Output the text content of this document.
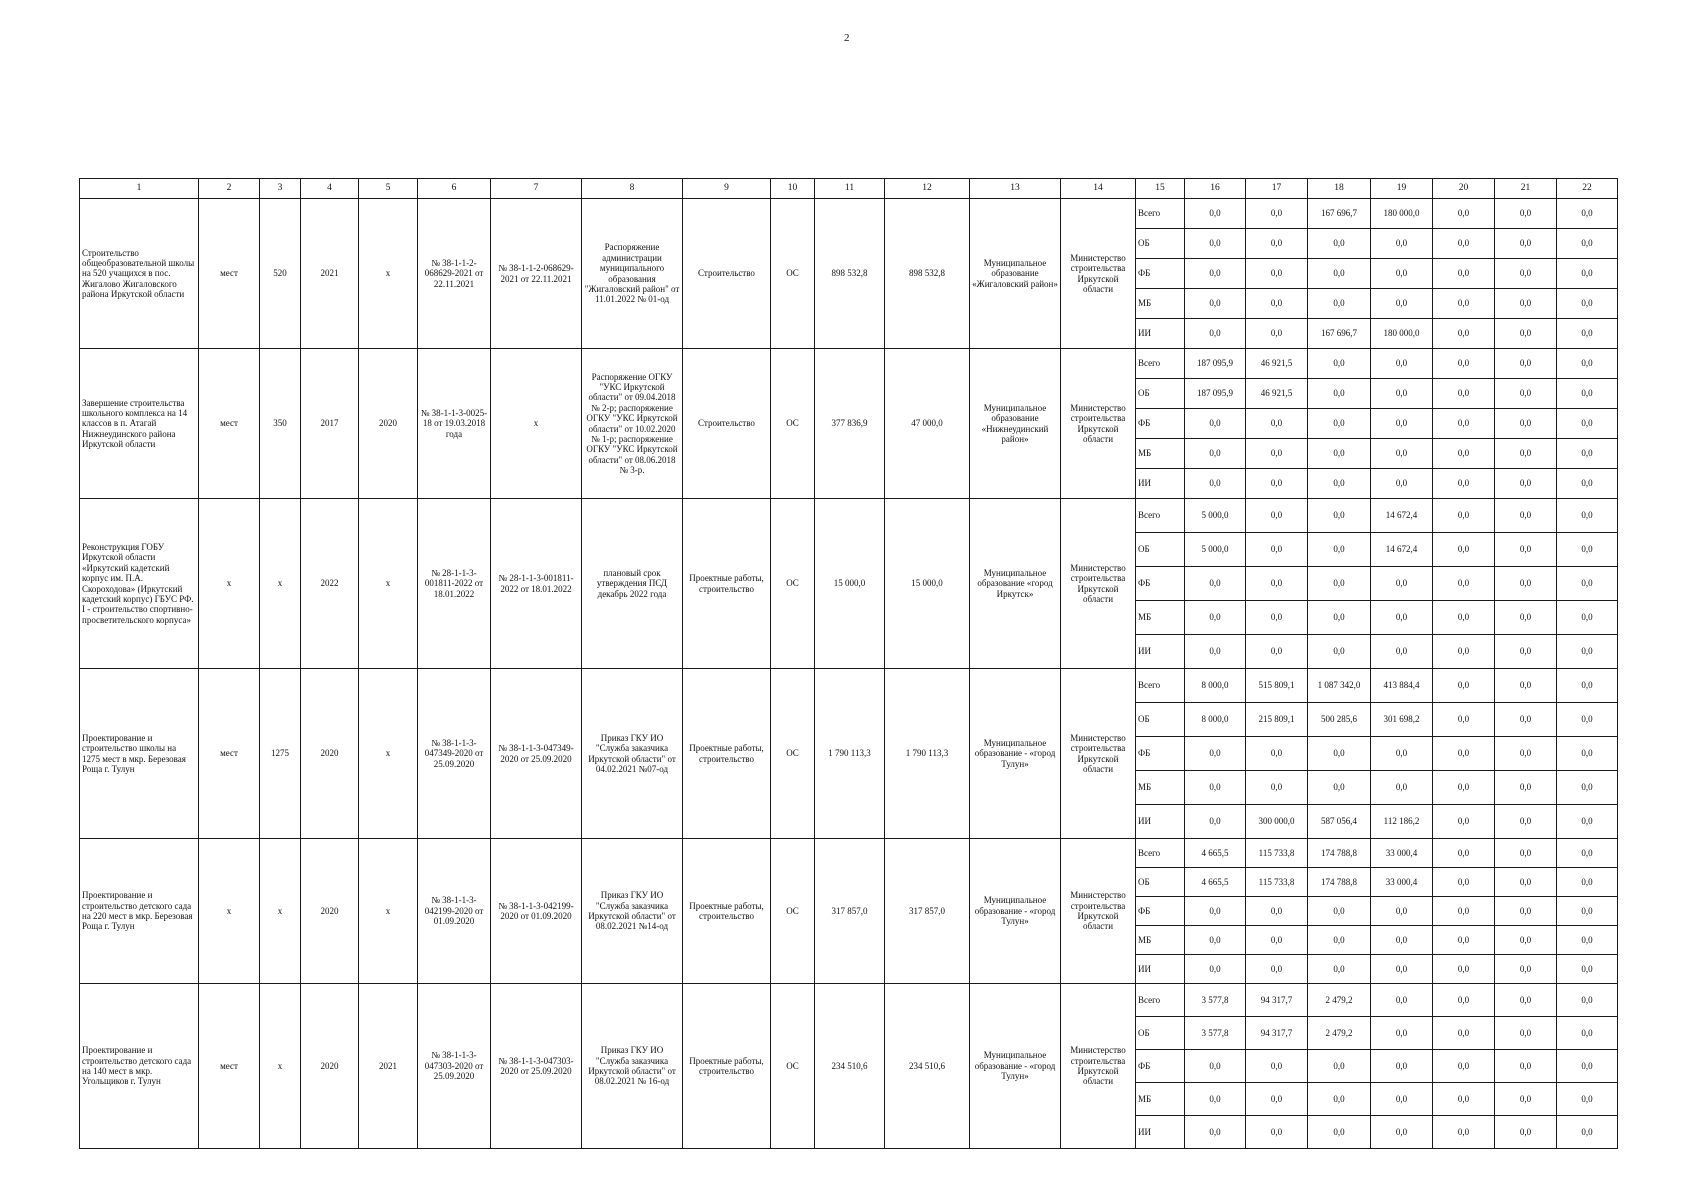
2
1	2	3	4	5	6	7	8	9	10	11	12	13	14	15	16	17	18	19	20	21	22
Строительство общеобразовательной школы на 520 учащихся в пос. Жигалово Жигаловского района Иркутской области	мест	520	2021	х	№ 38-1-1-2-068629-2021 от 22.11.2021	№ 38-1-1-2-068629-2021 от 22.11.2021	Распоряжение администрации муниципального образования "Жигаловский район" от 11.01.2022 № 01-од	Строительство	ОС	898 532,8	898 532,8	Муниципальное образование «Жигаловский район»	Министерство строительства Иркутской области	Всего	0,0	0,0	167 696,7	180 000,0	0,0	0,0	0,0
														ОБ	0,0	0,0	0,0	0,0	0,0	0,0	0,0
														ФБ	0,0	0,0	0,0	0,0	0,0	0,0	0,0
														МБ	0,0	0,0	0,0	0,0	0,0	0,0	0,0
														ИИ	0,0	0,0	167 696,7	180 000,0	0,0	0,0	0,0
Завершение строительства школьного комплекса на 14 классов в п. Атагай Нижнеудинского района Иркутской области	мест	350	2017	2020	№ 38-1-1-3-0025-18 от 19.03.2018 года	х	Распоряжение ОГКУ "УКС Иркутской области" от 09.04.2018 № 2-р; распоряжение ОГКУ "УКС Иркутской области" от 10.02.2020 № 1-р; распоряжение ОГКУ "УКС Иркутской области" от 08.06.2018 № 3-р.	Строительство	ОС	377 836,9	47 000,0	Муниципальное образование «Нижнеудинский район»	Министерство строительства Иркутской области	Всего	187 095,9	46 921,5	0,0	0,0	0,0	0,0	0,0
														ОБ	187 095,9	46 921,5	0,0	0,0	0,0	0,0	0,0
														ФБ	0,0	0,0	0,0	0,0	0,0	0,0	0,0
														МБ	0,0	0,0	0,0	0,0	0,0	0,0	0,0
														ИИ	0,0	0,0	0,0	0,0	0,0	0,0	0,0
Реконструкция ГОБУ Иркутской области «Иркутский кадетский корпус им. П.А. Скороходова» (Иркутский кадетский корпус) ГБУС РФ. I - строительство спортивно-просветительского корпуса»	х	х	2022	х	№ 28-1-1-3-001811-2022 от 18.01.2022	№ 28-1-1-3-001811-2022 от 18.01.2022	плановый срок утверждения ПСД декабрь 2022 года	Проектные работы, строительство	ОС	15 000,0	15 000,0	Муниципальное образование «город Иркутск»	Министерство строительства Иркутской области	Всего	5 000,0	0,0	0,0	14 672,4	0,0	0,0	0,0
														ОБ	5 000,0	0,0	0,0	14 672,4	0,0	0,0	0,0
														ФБ	0,0	0,0	0,0	0,0	0,0	0,0	0,0
														МБ	0,0	0,0	0,0	0,0	0,0	0,0	0,0
														ИИ	0,0	0,0	0,0	0,0	0,0	0,0	0,0
Проектирование и строительство школы на 1275 мест в мкр. Березовая Роща г. Тулун	мест	1275	2020	х	№ 38-1-1-3-047349-2020 от 25.09.2020	№ 38-1-1-3-047349-2020 от 25.09.2020	Приказ ГКУ ИО "Служба заказчика Иркутской области" от 04.02.2021 №07-од	Проектные работы, строительство	ОС	1 790 113,3	1 790 113,3	Муниципальное образование - «город Тулун»	Министерство строительства Иркутской области	Всего	8 000,0	515 809,1	1 087 342,0	413 884,4	0,0	0,0	0,0
														ОБ	8 000,0	215 809,1	500 285,6	301 698,2	0,0	0,0	0,0
														ФБ	0,0	0,0	0,0	0,0	0,0	0,0	0,0
														МБ	0,0	0,0	0,0	0,0	0,0	0,0	0,0
														ИИ	0,0	300 000,0	587 056,4	112 186,2	0,0	0,0	0,0
Проектирование и строительство детского сада на 220 мест в мкр. Березовая Роща г. Тулун	х	х	2020	х	№ 38-1-1-3-042199-2020 от 01.09.2020	№ 38-1-1-3-042199-2020 от 01.09.2020	Приказ ГКУ ИО "Служба заказчика Иркутской области" от 08.02.2021 №14-од	Проектные работы, строительство	ОС	317 857,0	317 857,0	Муниципальное образование - «город Тулун»	Министерство строительства Иркутской области	Всего	4 665,5	115 733,8	174 788,8	33 000,4	0,0	0,0	0,0
														ОБ	4 665,5	115 733,8	174 788,8	33 000,4	0,0	0,0	0,0
														ФБ	0,0	0,0	0,0	0,0	0,0	0,0	0,0
														МБ	0,0	0,0	0,0	0,0	0,0	0,0	0,0
														ИИ	0,0	0,0	0,0	0,0	0,0	0,0	0,0
Проектирование и строительство детского сада на 140 мест в мкр. Угольщиков г. Тулун	мест	х	2020	2021	№ 38-1-1-3-047303-2020 от 25.09.2020	№ 38-1-1-3-047303-2020 от 25.09.2020	Приказ ГКУ ИО "Служба заказчика Иркутской области" от 08.02.2021 № 16-од	Проектные работы, строительство	ОС	234 510,6	234 510,6	Муниципальное образование - «город Тулун»	Министерство строительства Иркутской области	Всего	3 577,8	94 317,7	2 479,2	0,0	0,0	0,0	0,0
														ОБ	3 577,8	94 317,7	2 479,2	0,0	0,0	0,0	0,0
														ФБ	0,0	0,0	0,0	0,0	0,0	0,0	0,0
														МБ	0,0	0,0	0,0	0,0	0,0	0,0	0,0
														ИИ	0,0	0,0	0,0	0,0	0,0	0,0	0,0
